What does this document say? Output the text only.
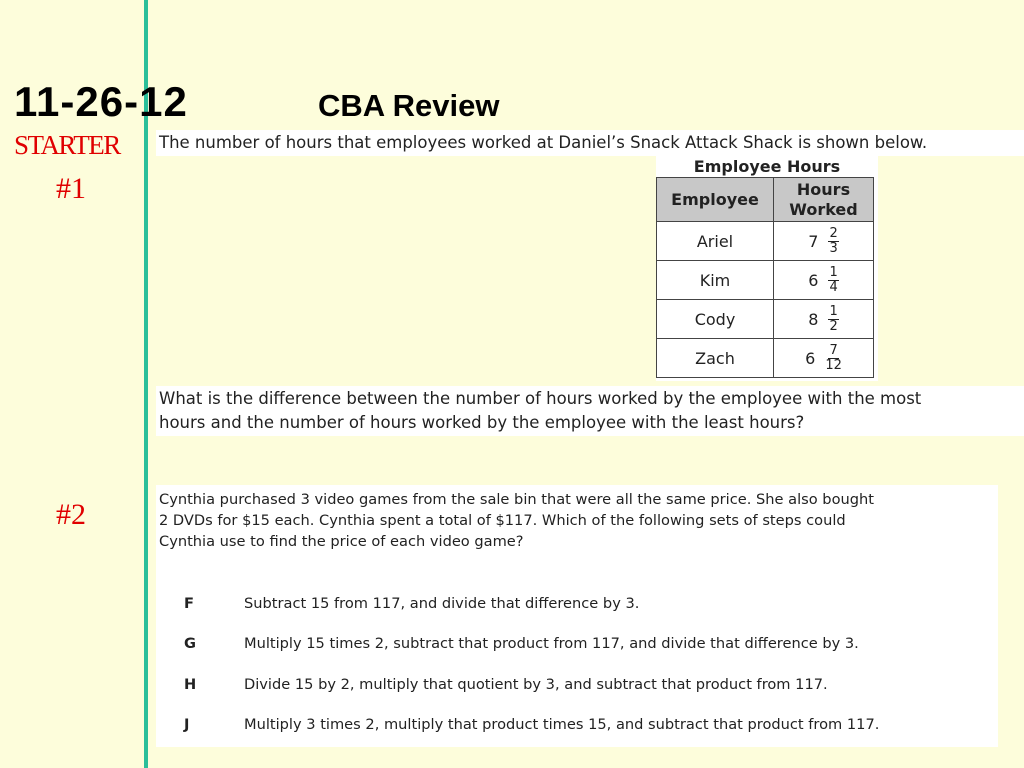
11-26-12	CBA Review
STARTER
#1
#2
The number of hours that employees worked at Daniel’s Snack Attack Shack is shown below.
Employee Hours
Employee	Hours
Worked

Ariel	$7 \frac{2}{3}$

Kim	$6 \frac{1}{4}$

Cody	$8 \frac{1}{2}$

Zach	$6 \frac{7}{12}$
What is the difference between the number of hours worked by the employee with the most
hours and the number of hours worked by the employee with the least hours?
Cynthia purchased 3 video games from the sale bin that were all the same price. She also bought
2 DVDs for $15 each. Cynthia spent a total of $117. Which of the following sets of steps could
Cynthia use to find the price of each video game?
F	Subtract 15 from 117, and divide that difference by 3.
G	Multiply 15 times 2, subtract that product from 117, and divide that difference by 3.
H	Divide 15 by 2, multiply that quotient by 3, and subtract that product from 117.
J	Multiply 3 times 2, multiply that product times 15, and subtract that product from 117.
